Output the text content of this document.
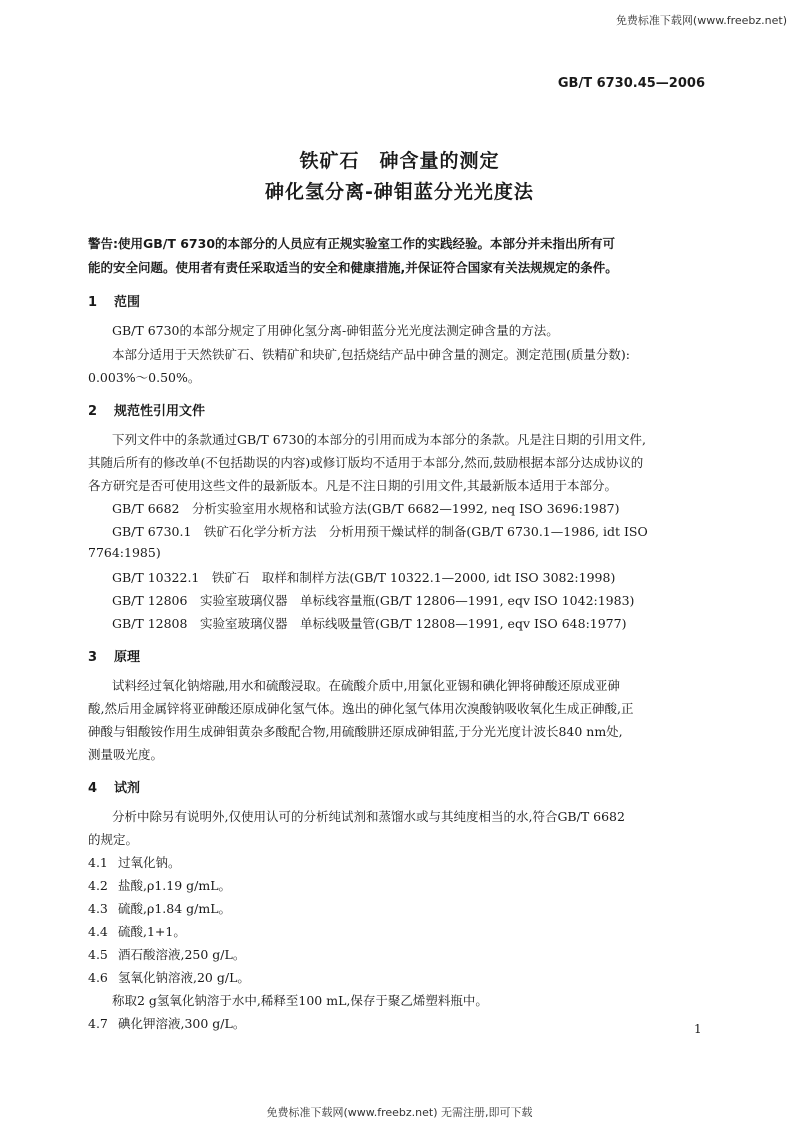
免费标准下载网(www.freebz.net)
GB/T 6730.45—2006
铁矿石　砷含量的测定
砷化氢分离-砷钼蓝分光光度法
警告:使用GB/T 6730的本部分的人员应有正规实验室工作的实践经验。本部分并未指出所有可
能的安全问题。使用者有责任采取适当的安全和健康措施,并保证符合国家有关法规规定的条件。
1 范围
GB/T 6730的本部分规定了用砷化氢分离-砷钼蓝分光光度法测定砷含量的方法。
本部分适用于天然铁矿石、铁精矿和块矿,包括烧结产品中砷含量的测定。测定范围(质量分数):
0.003%～0.50%。
2 规范性引用文件
下列文件中的条款通过GB/T 6730的本部分的引用而成为本部分的条款。凡是注日期的引用文件,
其随后所有的修改单(不包括勘误的内容)或修订版均不适用于本部分,然而,鼓励根据本部分达成协议的
各方研究是否可使用这些文件的最新版本。凡是不注日期的引用文件,其最新版本适用于本部分。
GB/T 6682　分析实验室用水规格和试验方法(GB/T 6682—1992, neq ISO 3696:1987)
GB/T 6730.1　铁矿石化学分析方法　分析用预干燥试样的制备(GB/T 6730.1—1986, idt ISO
7764:1985)
GB/T 10322.1　铁矿石　取样和制样方法(GB/T 10322.1—2000, idt ISO 3082:1998)
GB/T 12806　实验室玻璃仪器　单标线容量瓶(GB/T 12806—1991, eqv ISO 1042:1983)
GB/T 12808　实验室玻璃仪器　单标线吸量管(GB/T 12808—1991, eqv ISO 648:1977)
3 原理
试料经过氧化钠熔融,用水和硫酸浸取。在硫酸介质中,用氯化亚锡和碘化钾将砷酸还原成亚砷
酸,然后用金属锌将亚砷酸还原成砷化氢气体。逸出的砷化氢气体用次溴酸钠吸收氧化生成正砷酸,正
砷酸与钼酸铵作用生成砷钼黄杂多酸配合物,用硫酸肼还原成砷钼蓝,于分光光度计波长840 nm处,
测量吸光度。
4 试剂
分析中除另有说明外,仅使用认可的分析纯试剂和蒸馏水或与其纯度相当的水,符合GB/T 6682
的规定。
4.1 过氧化钠。
4.2 盐酸,ρ1.19 g/mL。
4.3 硫酸,ρ1.84 g/mL。
4.4 硫酸,1+1。
4.5 酒石酸溶液,250 g/L。
4.6 氢氧化钠溶液,20 g/L。
称取2 g氢氧化钠溶于水中,稀释至100 mL,保存于聚乙烯塑料瓶中。
4.7 碘化钾溶液,300 g/L。	1
免费标准下载网(www.freebz.net) 无需注册,即可下载
